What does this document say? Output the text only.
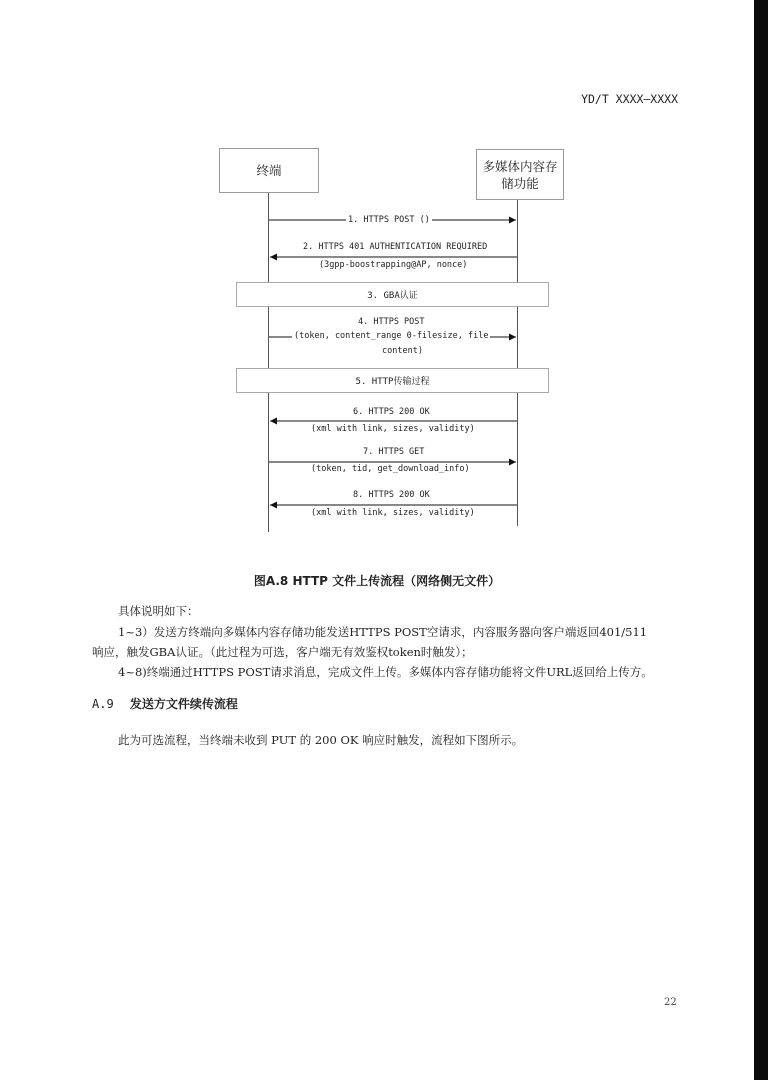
YD/T XXXX—XXXX
终端	多媒体内容存
储功能
3. GBA认证
5. HTTP传输过程
1. HTTPS POST ()
2. HTTPS 401 AUTHENTICATION REQUIRED
(3gpp-boostrapping@AP, nonce)
4. HTTPS POST
(token, content_range 0-filesize, file
content)
6. HTTPS 200 OK
(xml with link, sizes, validity)
7. HTTPS GET
(token, tid, get_download_info)
8. HTTPS 200 OK
(xml with link, sizes, validity)
图A.8 HTTP 文件上传流程（网络侧无文件）
具体说明如下：
1~3）发送方终端向多媒体内容存储功能发送HTTPS POST空请求，内容服务器向客户端返回401/511
响应，触发GBA认证。（此过程为可选，客户端无有效鉴权token时触发）；
4~8)终端通过HTTPS POST请求消息，完成文件上传。多媒体内容存储功能将文件URL返回给上传方。
A.9 发送方文件续传流程
此为可选流程，当终端未收到 PUT 的 200 OK 响应时触发，流程如下图所示。
22
